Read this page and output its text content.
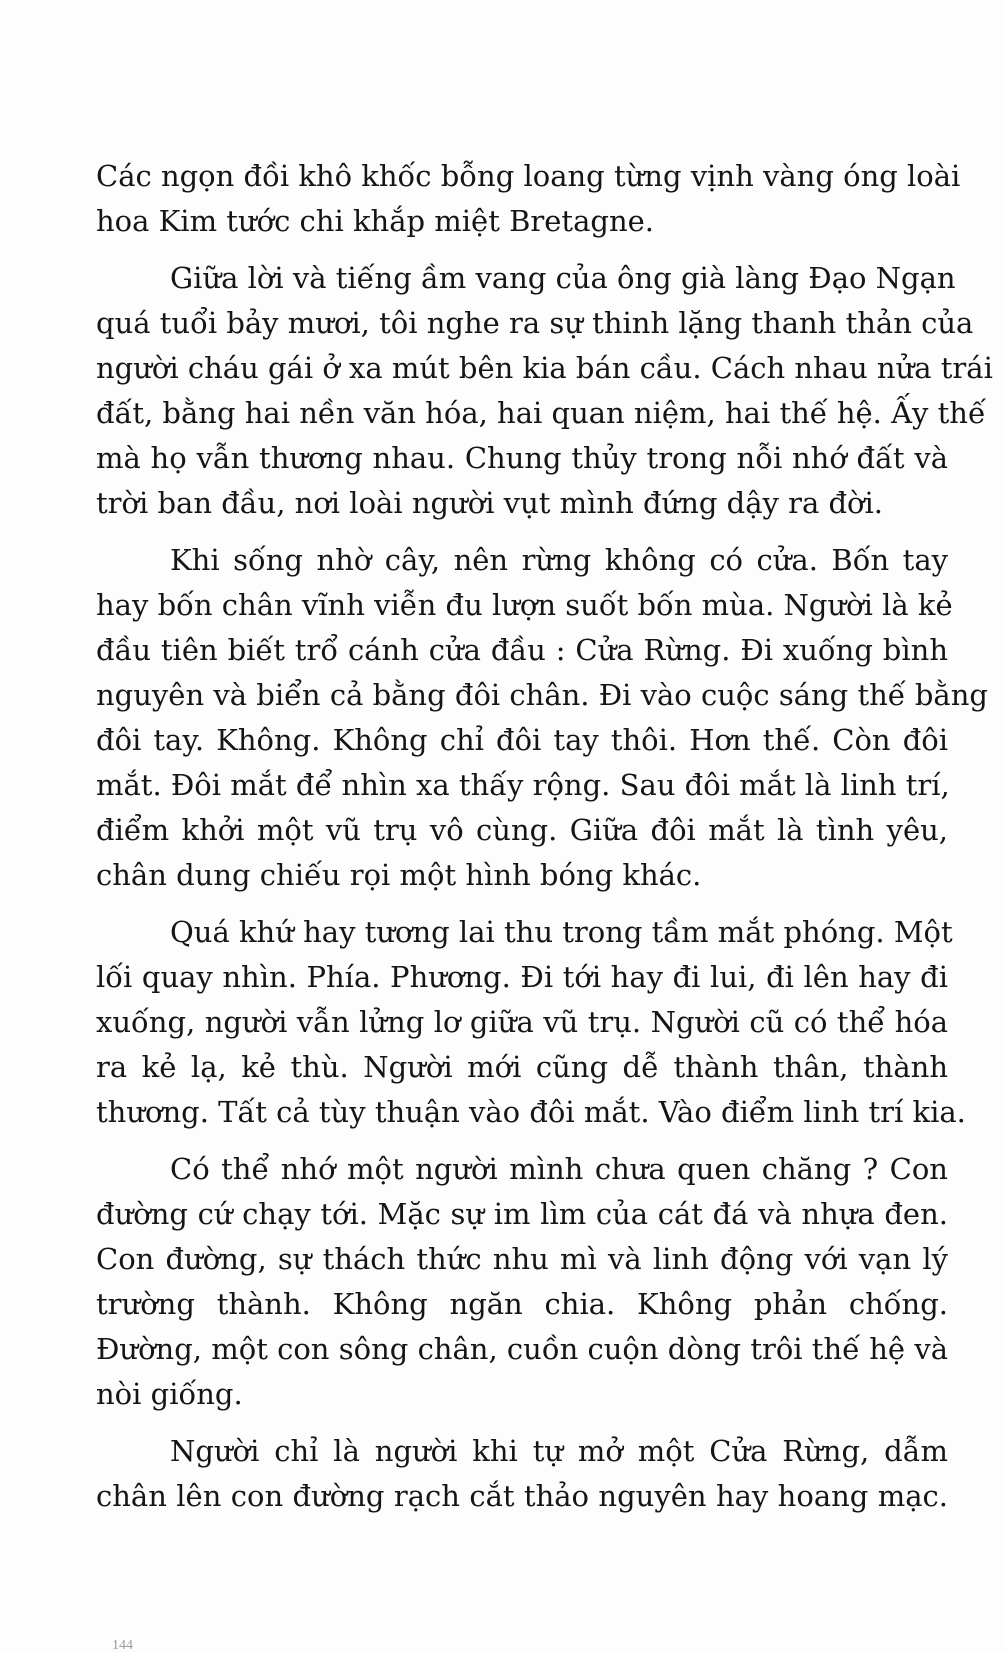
Các ngọn đồi khô khốc bỗng loang từng vịnh vàng óng loài
hoa Kim tước chi khắp miệt Bretagne.

Giữa lời và tiếng ầm vang của ông già làng Đạo Ngạn
quá tuổi bảy mươi, tôi nghe ra sự thinh lặng thanh thản của
người cháu gái ở xa mút bên kia bán cầu. Cách nhau nửa trái
đất, bằng hai nền văn hóa, hai quan niệm, hai thế hệ. Ấy thế
mà họ vẫn thương nhau. Chung thủy trong nỗi nhớ đất và
trời ban đầu, nơi loài người vụt mình đứng dậy ra đời.

Khi sống nhờ cây, nên rừng không có cửa. Bốn tay
hay bốn chân vĩnh viễn đu lượn suốt bốn mùa. Người là kẻ
đầu tiên biết trổ cánh cửa đầu : Cửa Rừng. Đi xuống bình
nguyên và biển cả bằng đôi chân. Đi vào cuộc sáng thế bằng
đôi tay. Không. Không chỉ đôi tay thôi. Hơn thế. Còn đôi
mắt. Đôi mắt để nhìn xa thấy rộng. Sau đôi mắt là linh trí,
điểm khởi một vũ trụ vô cùng. Giữa đôi mắt là tình yêu,
chân dung chiếu rọi một hình bóng khác.

Quá khứ hay tương lai thu trong tầm mắt phóng. Một
lối quay nhìn. Phía. Phương. Đi tới hay đi lui, đi lên hay đi
xuống, người vẫn lửng lơ giữa vũ trụ. Người cũ có thể hóa
ra kẻ lạ, kẻ thù. Người mới cũng dễ thành thân, thành
thương. Tất cả tùy thuận vào đôi mắt. Vào điểm linh trí kia.

Có thể nhớ một người mình chưa quen chăng ? Con
đường cứ chạy tới. Mặc sự im lìm của cát đá và nhựa đen.
Con đường, sự thách thức nhu mì và linh động với vạn lý
trường thành. Không ngăn chia. Không phản chống.
Đường, một con sông chân, cuồn cuộn dòng trôi thế hệ và
nòi giống.

Người chỉ là người khi tự mở một Cửa Rừng, dẫm
chân lên con đường rạch cắt thảo nguyên hay hoang mạc.

144
